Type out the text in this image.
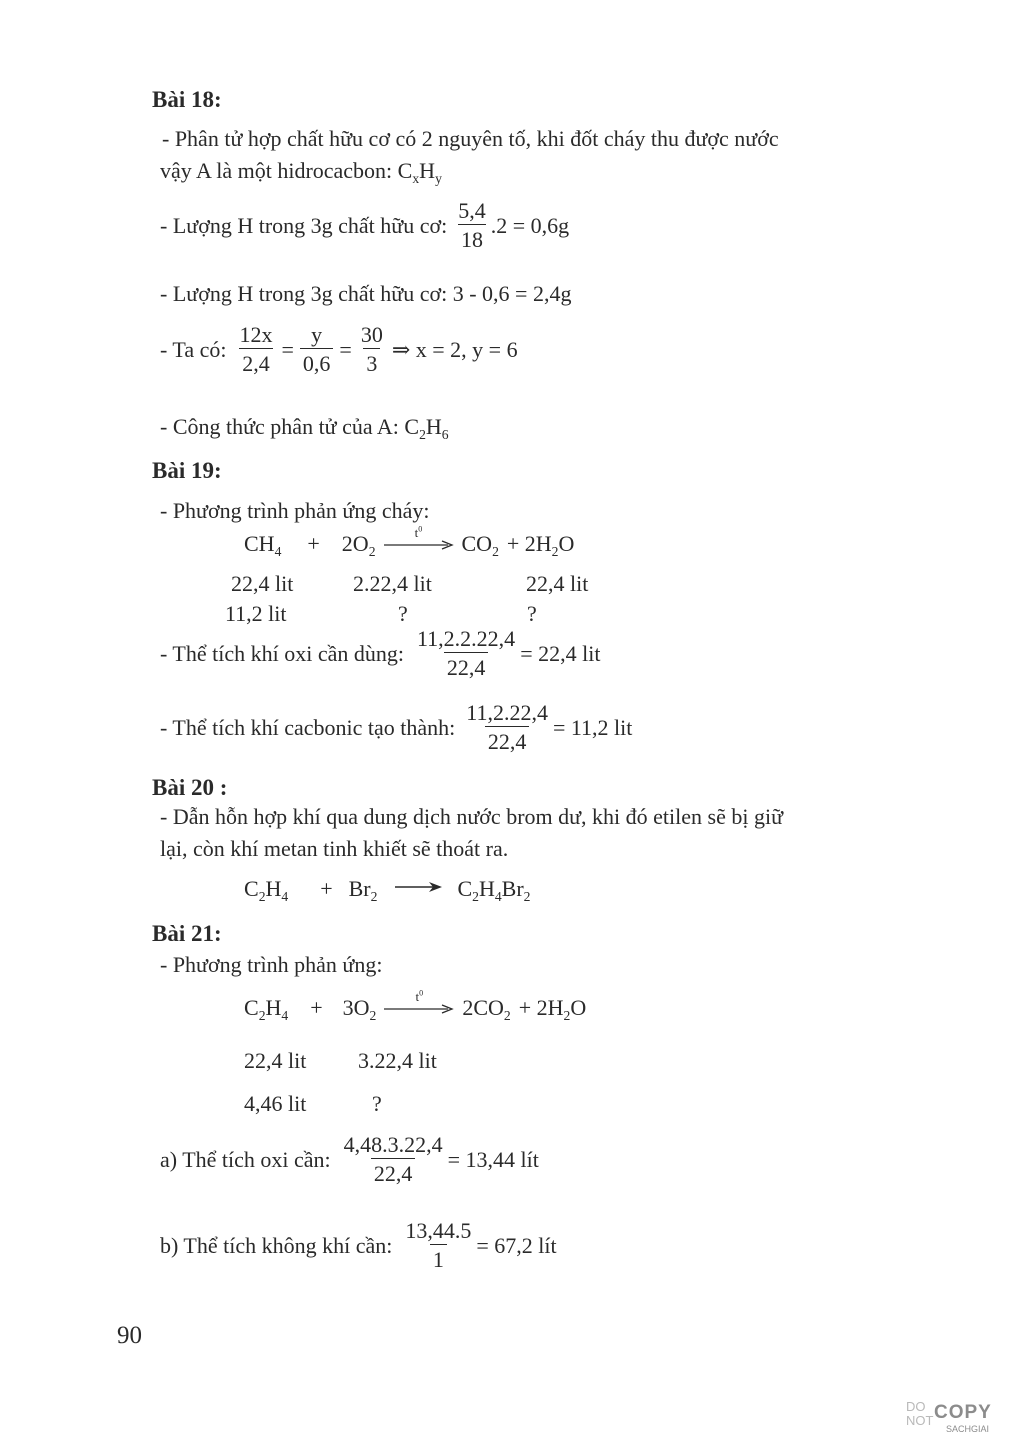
Bài 18:
- Phân tử hợp chất hữu cơ có 2 nguyên tố, khi đốt cháy thu được nước
vậy A là một hidrocacbon: $C_xH_y$
- Lượng H trong 3g chất hữu cơ: $\frac{5,4}{18} .2 = 0,6g$
- Lượng H trong 3g chất hữu cơ: 3 - 0,6 = 2,4g
- Ta có: $\frac{12x}{2,4} = \frac{y}{0,6} = \frac{30}{3}$ ⇒ x = 2, y = 6
- Công thức phân tử của A: $C_2H_6$
Bài 19:
- Phương trình phản ứng cháy:
$CH_4 + 2O_2$
$t^0$
$CO_2 + 2H_2O$
22,4 lit	2.22,4 lit	22,4 lit
11,2 lit	?	?
- Thể tích khí oxi cần dùng: $\frac{11,2.2.22,4}{22,4} = 22,4$ lit
- Thể tích khí cacbonic tạo thành: $\frac{11,2.22,4}{22,4} = 11,2$ lit
Bài 20 :
- Dẫn hỗn hợp khí qua dung dịch nước brom dư, khi đó etilen sẽ bị giữ
lại, còn khí metan tinh khiết sẽ thoát ra.
$C_2H_4 + Br_2 \to C_2H_4Br_2$
Bài 21:
- Phương trình phản ứng:
$C_2H_4 + 3O_2$
$t^0$
$2CO_2 + 2H_2O$
22,4 lit 3.22,4 lit
4,46 lit	?
a) Thể tích oxi cần: $\frac{4,48.3.22,4}{22,4} = 13,44$ lít
b) Thể tích không khí cần: $\frac{13,44.5}{1} = 67,2$ lít
90
DO
NOT COPY
SACHGIAI
